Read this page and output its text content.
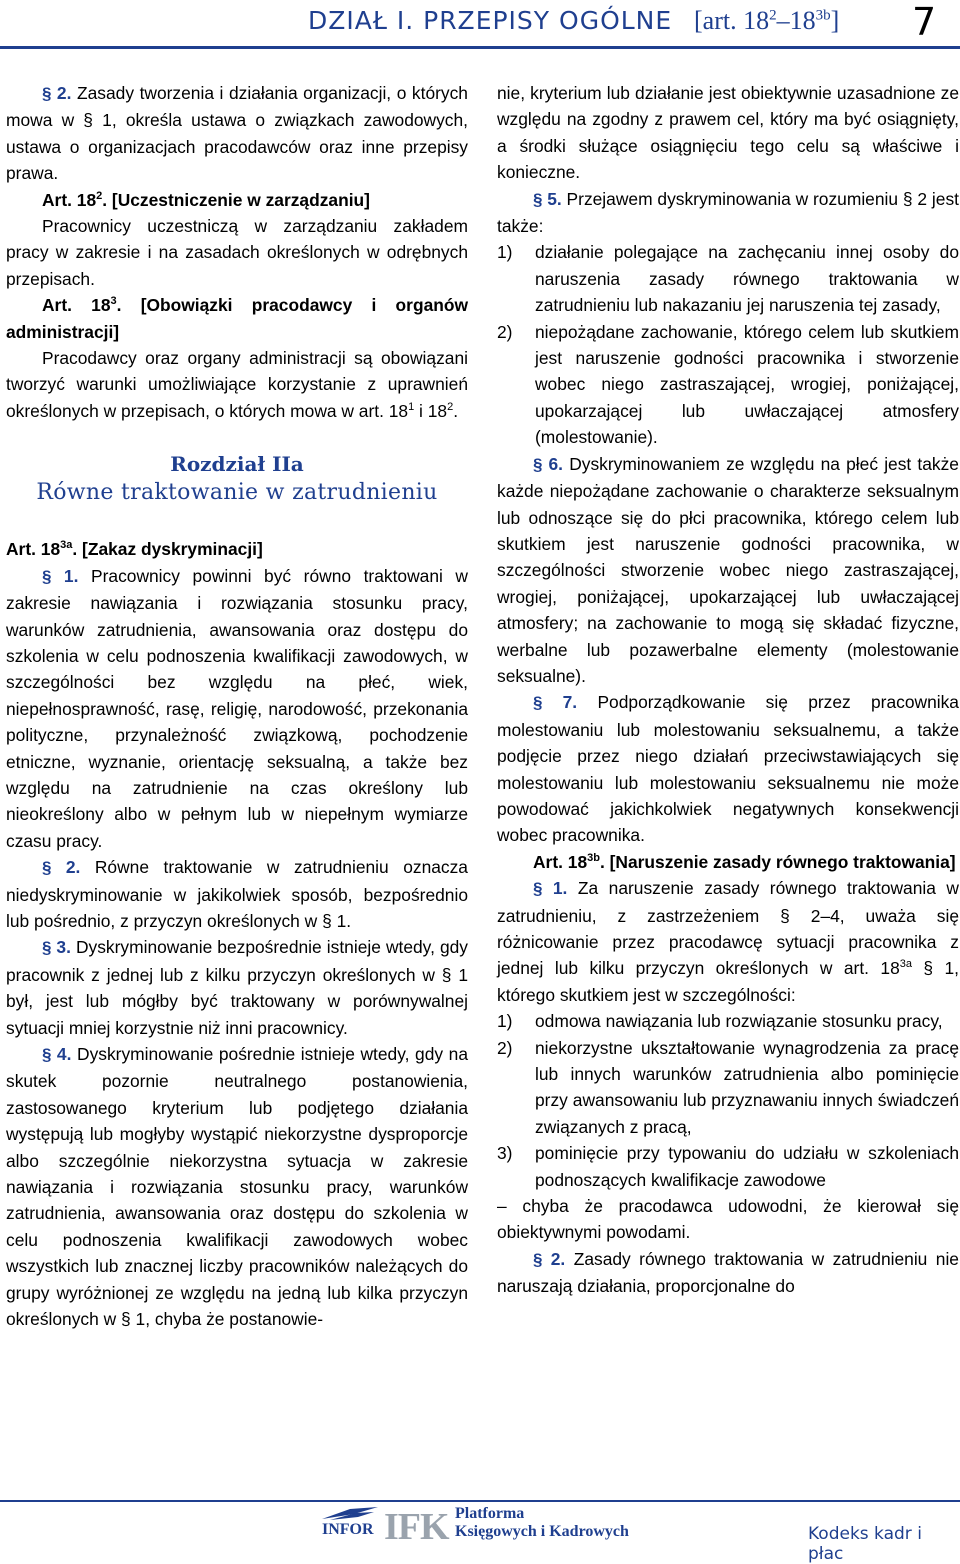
DZIAŁ I. PRZEPISY OGÓLNE [art. $18^2-18^{3b}$] 7

§ 2. Zasady tworzenia i działania organizacji, o których mowa w § 1, określa ustawa o związkach zawodowych, ustawa o organizacjach pracodawców oraz inne przepisy prawa.

Art. $18^2$. [Uczestniczenie w zarządzaniu]

Pracownicy uczestniczą w zarządzaniu zakładem pracy w zakresie i na zasadach określonych w odrębnych przepisach.

Art. $18^3$. [Obowiązki pracodawcy i organów administracji]

Pracodawcy oraz organy administracji są obowiązani tworzyć warunki umożliwiające korzystanie z uprawnień określonych w przepisach, o których mowa w art. $18^1$ i $18^2$.

Rozdział IIa
Równe traktowanie w zatrudnieniu

Art. $18^{3a}$. [Zakaz dyskryminacji]

§ 1. Pracownicy powinni być równo traktowani w zakresie nawiązania i rozwiązania stosunku pracy, warunków zatrudnienia, awansowania oraz dostępu do szkolenia w celu podnoszenia kwalifikacji zawodowych, w szczególności bez względu na płeć, wiek, niepełnosprawność, rasę, religię, narodowość, przekonania polityczne, przynależność związkową, pochodzenie etniczne, wyznanie, orientację seksualną, a także bez względu na zatrudnienie na czas określony lub nieokreślony albo w pełnym lub w niepełnym wymiarze czasu pracy.

§ 2. Równe traktowanie w zatrudnieniu oznacza niedyskryminowanie w jakikolwiek sposób, bezpośrednio lub pośrednio, z przyczyn określonych w § 1.

§ 3. Dyskryminowanie bezpośrednie istnieje wtedy, gdy pracownik z jednej lub z kilku przyczyn określonych w § 1 był, jest lub mógłby być traktowany w porównywalnej sytuacji mniej korzystnie niż inni pracownicy.

§ 4. Dyskryminowanie pośrednie istnieje wtedy, gdy na skutek pozornie neutralnego postanowienia, zastosowanego kryterium lub podjętego działania występują lub mogłyby wystąpić niekorzystne dysproporcje albo szczególnie niekorzystna sytuacja w zakresie nawiązania i rozwiązania stosunku pracy, warunków zatrudnienia, awansowania oraz dostępu do szkolenia w celu podnoszenia kwalifikacji zawodowych wobec wszystkich lub znacznej liczby pracowników należących do grupy wyróżnionej ze względu na jedną lub kilka przyczyn określonych w § 1, chyba że postanowie-

nie, kryterium lub działanie jest obiektywnie uzasadnione ze względu na zgodny z prawem cel, który ma być osiągnięty, a środki służące osiągnięciu tego celu są właściwe i konieczne.

§ 5. Przejawem dyskryminowania w rozumieniu § 2 jest także:

1)	działanie polegające na zachęcaniu innej osoby do naruszenia zasady równego traktowania w zatrudnieniu lub nakazaniu jej naruszenia tej zasady,
2)	niepożądane zachowanie, którego celem lub skutkiem jest naruszenie godności pracownika i stworzenie wobec niego zastraszającej, wrogiej, poniżającej, upokarzającej lub uwłaczającej atmosfery (molestowanie).

§ 6. Dyskryminowaniem ze względu na płeć jest także każde niepożądane zachowanie o charakterze seksualnym lub odnoszące się do płci pracownika, którego celem lub skutkiem jest naruszenie godności pracownika, w szczególności stworzenie wobec niego zastraszającej, wrogiej, poniżającej, upokarzającej lub uwłaczającej atmosfery; na zachowanie to mogą się składać fizyczne, werbalne lub pozawerbalne elementy (molestowanie seksualne).

§ 7. Podporządkowanie się przez pracownika molestowaniu lub molestowaniu seksualnemu, a także podjęcie przez niego działań przeciwstawiających się molestowaniu lub molestowaniu seksualnemu nie może powodować jakichkolwiek negatywnych konsekwencji wobec pracownika.

Art. $18^{3b}$. [Naruszenie zasady równego traktowania]

§ 1. Za naruszenie zasady równego traktowania w zatrudnieniu, z zastrzeżeniem § 2–4, uważa się różnicowanie przez pracodawcę sytuacji pracownika z jednej lub kilku przyczyn określonych w art. $18^{3a}$ § 1, którego skutkiem jest w szczególności:

1)	odmowa nawiązania lub rozwiązanie stosunku pracy,
2)	niekorzystne ukształtowanie wynagrodzenia za pracę lub innych warunków zatrudnienia albo pominięcie przy awansowaniu lub przyznawaniu innych świadczeń związanych z pracą,
3)	pominięcie przy typowaniu do udziału w szkoleniach podnoszących kwalifikacje zawodowe

– chyba że pracodawca udowodni, że kierował się obiektywnymi powodami.

§ 2. Zasady równego traktowania w zatrudnieniu nie naruszają działania, proporcjonalne do

INFOR IFK Platforma
Księgowych i Kadrowych	Kodeks kadr i płac
